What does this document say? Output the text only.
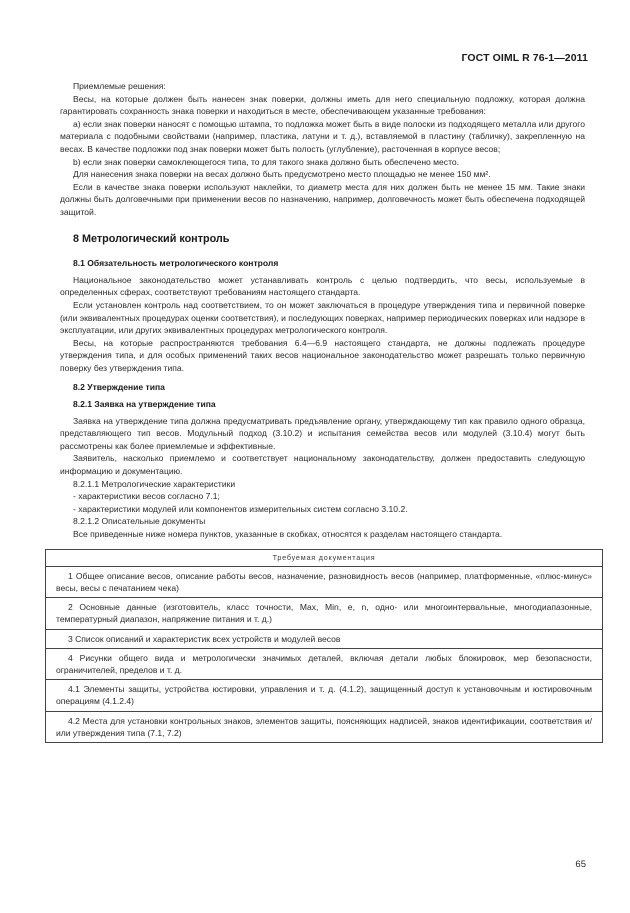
ГОСТ OIML R 76-1—2011

Приемлемые решения:

Весы, на которые должен быть нанесен знак поверки, должны иметь для него специальную подложку, которая должна гарантировать сохранность знака поверки и находиться в месте, обеспечивающем указанные требования:

a) если знак поверки наносят с помощью штампа, то подложка может быть в виде полоски из подходящего металла или другого материала с подобными свойствами (например, пластика, латуни и т. д.), вставляемой в пластину (табличку), закрепленную на весах. В качестве подложки под знак поверки может быть полость (углубление), расточенная в корпусе весов;

b) если знак поверки самоклеющегося типа, то для такого знака должно быть обеспечено место.

Для нанесения знака поверки на весах должно быть предусмотрено место площадью не менее 150 мм².

Если в качестве знака поверки используют наклейки, то диаметр места для них должен быть не менее 15 мм. Такие знаки должны быть долговечными при применении весов по назначению, например, долговечность может быть обеспечена подходящей защитой.

8 Метрологический контроль
8.1 Обязательность метрологического контроля

Национальное законодательство может устанавливать контроль с целью подтвердить, что весы, используемые в определенных сферах, соответствуют требованиям настоящего стандарта.

Если установлен контроль над соответствием, то он может заключаться в процедуре утверждения типа и первичной поверке (или эквивалентных процедурах оценки соответствия), и последующих поверках, например периодических поверках или надзоре в эксплуатации, или других эквивалентных процедурах метрологического контроля.

Весы, на которые распространяются требования 6.4—6.9 настоящего стандарта, не должны подлежать процедуре утверждения типа, и для особых применений таких весов национальное законодательство может разрешать только первичную поверку без утверждения типа.

8.2 Утверждение типа
8.2.1 Заявка на утверждение типа

Заявка на утверждение типа должна предусматривать предъявление органу, утверждающему тип как правило одного образца, представляющего тип весов. Модульный подход (3.10.2) и испытания семейства весов или модулей (3.10.4) могут быть рассмотрены как более приемлемые и эффективные.

Заявитель, насколько приемлемо и соответствует национальному законодательству, должен предоставить следующую информацию и документацию.

8.2.1.1 Метрологические характеристики

- характеристики весов согласно 7.1;

- характеристики модулей или компонентов измерительных систем согласно 3.10.2.

8.2.1.2 Описательные документы

Все приведенные ниже номера пунктов, указанные в скобках, относятся к разделам настоящего стандарта.

Требуемая документация

1 Общее описание весов, описание работы весов, назначение, разновидность весов (например, платформенные, «плюс-минус» весы, весы с печатанием чека)

2 Основные данные (изготовитель, класс точности, Max, Min, e, n, одно- или многоинтервальные, многодиапазонные, температурный диапазон, напряжение питания и т. д.)

3 Список описаний и характеристик всех устройств и модулей весов

4 Рисунки общего вида и метрологически значимых деталей, включая детали любых блокировок, мер безопасности, ограничителей, пределов и т. д.

4.1 Элементы защиты, устройства юстировки, управления и т. д. (4.1.2), защищенный доступ к установочным и юстировочным операциям (4.1.2.4)

4.2 Места для установки контрольных знаков, элементов защиты, поясняющих надписей, знаков идентификации, соответствия и/или утверждения типа (7.1, 7.2)
65
